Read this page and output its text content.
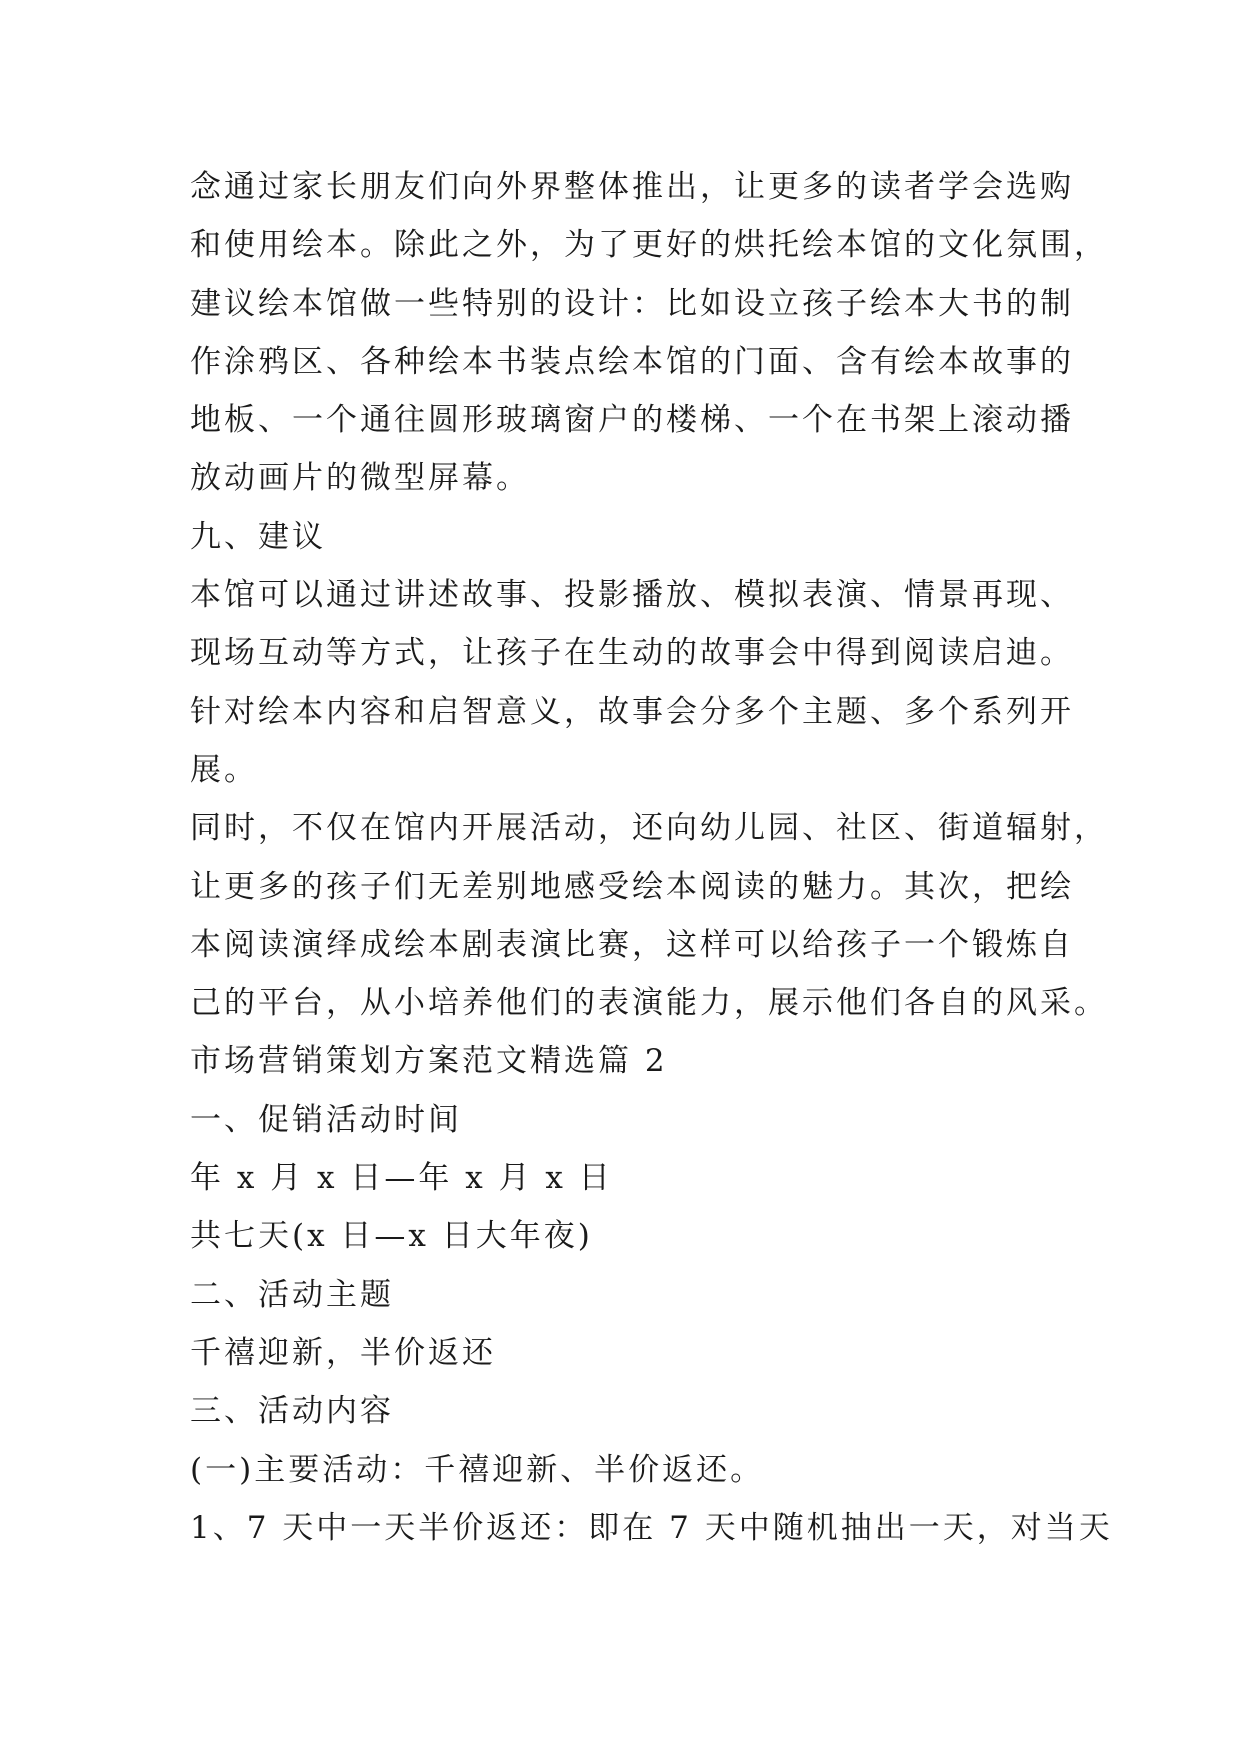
念通过家长朋友们向外界整体推出，让更多的读者学会选购
和使用绘本。除此之外，为了更好的烘托绘本馆的文化氛围，
建议绘本馆做一些特别的设计：比如设立孩子绘本大书的制
作涂鸦区、各种绘本书装点绘本馆的门面、含有绘本故事的
地板、一个通往圆形玻璃窗户的楼梯、一个在书架上滚动播
放动画片的微型屏幕。
九、建议
本馆可以通过讲述故事、投影播放、模拟表演、情景再现、
现场互动等方式，让孩子在生动的故事会中得到阅读启迪。
针对绘本内容和启智意义，故事会分多个主题、多个系列开
展。
同时，不仅在馆内开展活动，还向幼儿园、社区、街道辐射，
让更多的孩子们无差别地感受绘本阅读的魅力。其次，把绘
本阅读演绎成绘本剧表演比赛，这样可以给孩子一个锻炼自
己的平台，从小培养他们的表演能力，展示他们各自的风采。
市场营销策划方案范文精选篇 2
一、促销活动时间
年 x 月 x 日—年 x 月 x 日
共七天(x 日—x 日大年夜)
二、活动主题
千禧迎新，半价返还
三、活动内容
(一)主要活动：千禧迎新、半价返还。
1、7 天中一天半价返还：即在 7 天中随机抽出一天，对当天
